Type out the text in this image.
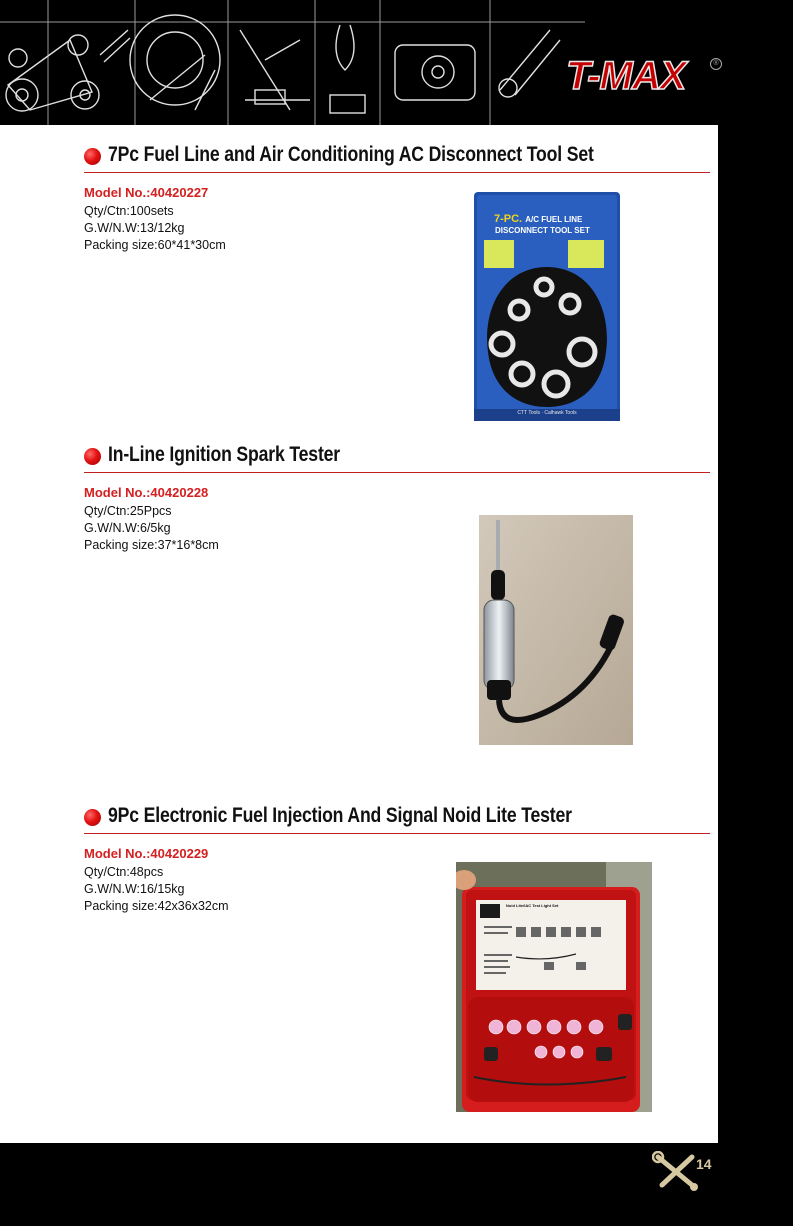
T-MAX	®
7Pc Fuel Line and Air Conditioning AC Disconnect Tool Set
Model No.:40420227
Qty/Ctn:100sets
G.W/N.W:13/12kg
Packing size:60*41*30cm
7-PC. A/C FUEL LINE
DISCONNECT TOOL SET
CTT Tools · Calhawk Tools
In-Line Ignition Spark Tester
Model No.:40420228
Qty/Ctn:25Ppcs
G.W/N.W:6/5kg
Packing size:37*16*8cm
9Pc Electronic Fuel Injection And Signal Noid Lite Tester
Model No.:40420229
Qty/Ctn:48pcs
G.W/N.W:16/15kg
Packing size:42x36x32cm	Noid Lite/IAC Test Light Set
14
